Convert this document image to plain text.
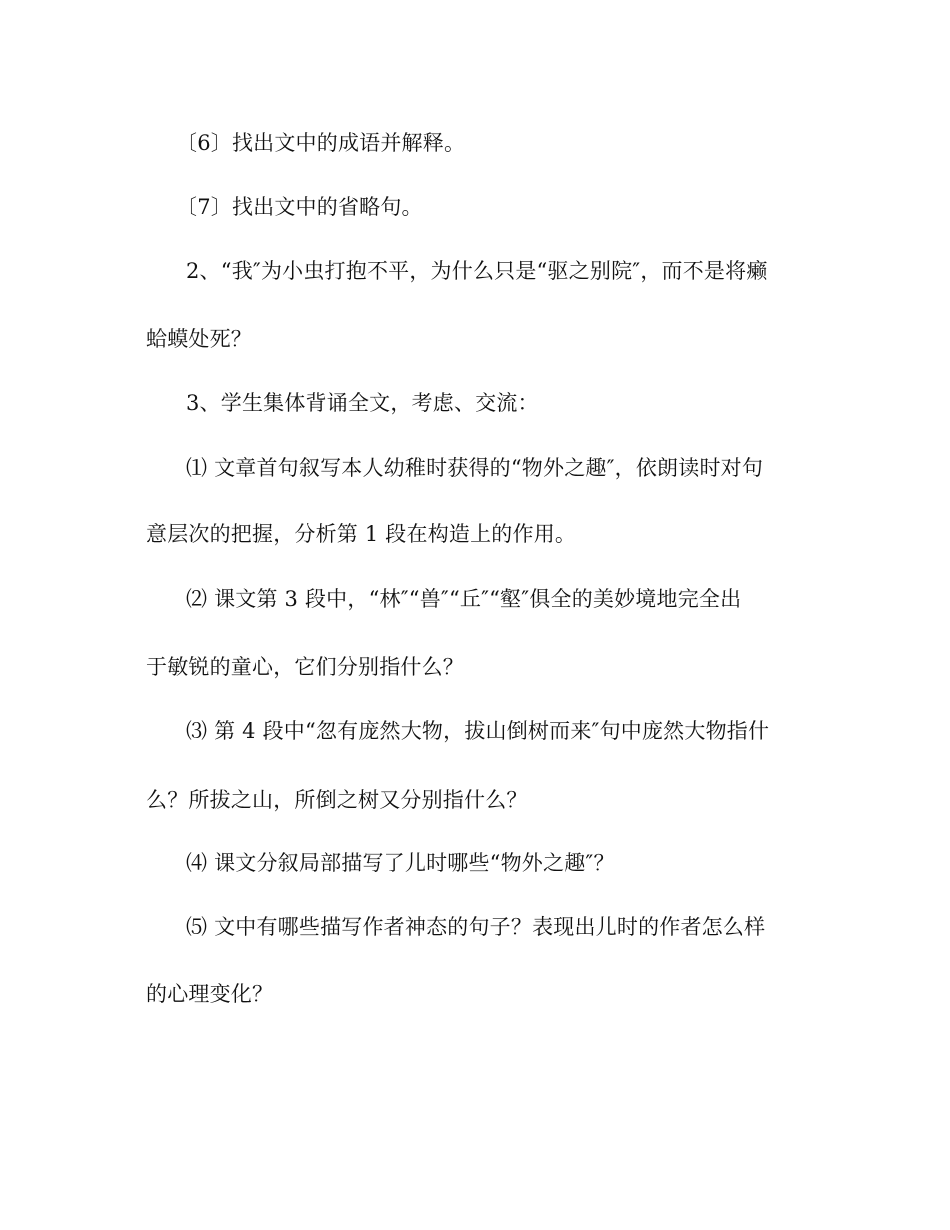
〔6〕找出文中的成语并解释。

〔7〕找出文中的省略句。

2、“我″为小虫打抱不平，为什么只是“驱之别院″，而不是将癞

蛤蟆处死？

3、学生集体背诵全文，考虑、交流：

⑴ 文章首句叙写本人幼稚时获得的“物外之趣″，依朗读时对句

意层次的把握，分析第 1 段在构造上的作用。

⑵ 课文第 3 段中，“林″“兽″“丘″“壑″俱全的美妙境地完全出

于敏锐的童心，它们分别指什么？

⑶ 第 4 段中“忽有庞然大物，拔山倒树而来″句中庞然大物指什

么？所拔之山，所倒之树又分别指什么？

⑷ 课文分叙局部描写了儿时哪些“物外之趣″？

⑸ 文中有哪些描写作者神态的句子？表现出儿时的作者怎么样

的心理变化？
